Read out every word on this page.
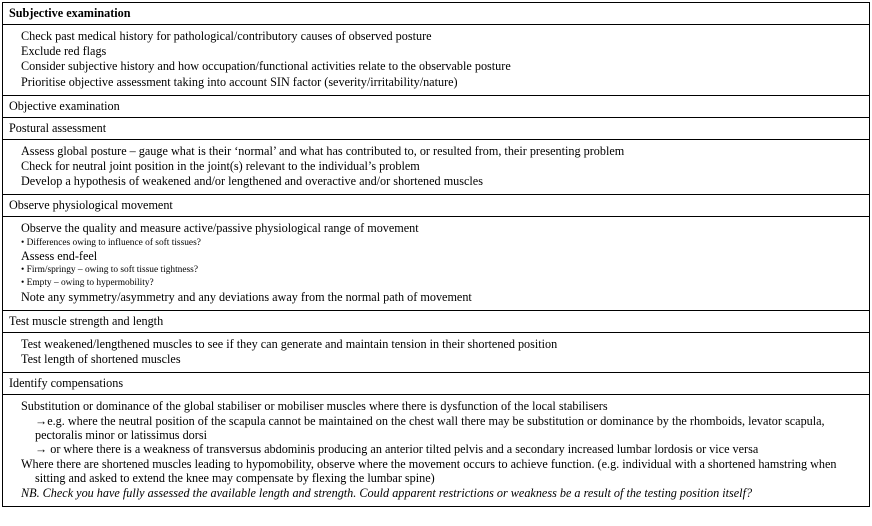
Subjective examination
Check past medical history for pathological/contributory causes of observed posture
Exclude red flags
Consider subjective history and how occupation/functional activities relate to the observable posture
Prioritise objective assessment taking into account SIN factor (severity/irritability/nature)
Objective examination
Postural assessment
Assess global posture – gauge what is their ‘normal’ and what has contributed to, or resulted from, their presenting problem
Check for neutral joint position in the joint(s) relevant to the individual’s problem
Develop a hypothesis of weakened and/or lengthened and overactive and/or shortened muscles
Observe physiological movement
Observe the quality and measure active/passive physiological range of movement
• Differences owing to influence of soft tissues?
Assess end-feel
• Firm/springy – owing to soft tissue tightness?
• Empty – owing to hypermobility?
Note any symmetry/asymmetry and any deviations away from the normal path of movement
Test muscle strength and length
Test weakened/lengthened muscles to see if they can generate and maintain tension in their shortened position
Test length of shortened muscles
Identify compensations
Substitution or dominance of the global stabiliser or mobiliser muscles where there is dysfunction of the local stabilisers
→e.g. where the neutral position of the scapula cannot be maintained on the chest wall there may be substitution or dominance by the rhomboids, levator scapula,
pectoralis minor or latissimus dorsi
→ or where there is a weakness of transversus abdominis producing an anterior tilted pelvis and a secondary increased lumbar lordosis or vice versa
Where there are shortened muscles leading to hypomobility, observe where the movement occurs to achieve function. (e.g. individual with a shortened hamstring when
sitting and asked to extend the knee may compensate by flexing the lumbar spine)
NB. Check you have fully assessed the available length and strength. Could apparent restrictions or weakness be a result of the testing position itself?
